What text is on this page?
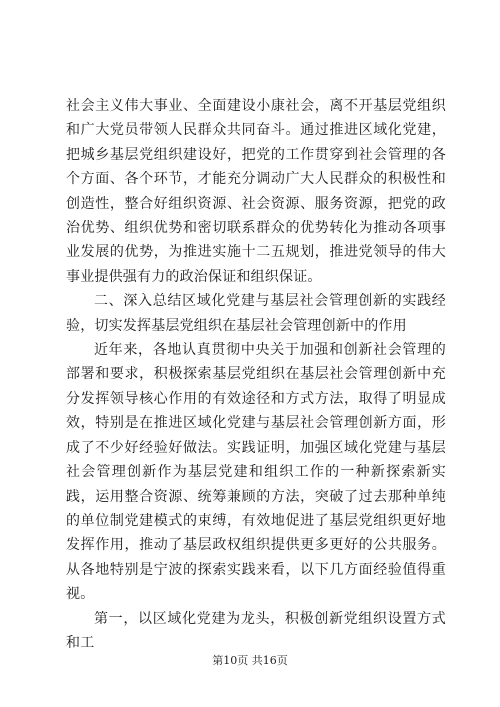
社会主义伟大事业、全面建设小康社会，离不开基层党组织和广大党员带领人民群众共同奋斗。通过推进区域化党建，把城乡基层党组织建设好，把党的工作贯穿到社会管理的各个方面、各个环节，才能充分调动广大人民群众的积极性和创造性，整合好组织资源、社会资源、服务资源，把党的政治优势、组织优势和密切联系群众的优势转化为推动各项事业发展的优势，为推进实施十二五规划，推进党领导的伟大事业提供强有力的政治保证和组织保证。

二、深入总结区域化党建与基层社会管理创新的实践经验，切实发挥基层党组织在基层社会管理创新中的作用

近年来，各地认真贯彻中央关于加强和创新社会管理的部署和要求，积极探索基层党组织在基层社会管理创新中充分发挥领导核心作用的有效途径和方式方法，取得了明显成效，特别是在推进区域化党建与基层社会管理创新方面，形成了不少好经验好做法。实践证明，加强区域化党建与基层社会管理创新作为基层党建和组织工作的一种新探索新实践，运用整合资源、统筹兼顾的方法，突破了过去那种单纯的单位制党建模式的束缚，有效地促进了基层党组织更好地发挥作用，推动了基层政权组织提供更多更好的公共服务。从各地特别是宁波的探索实践来看，以下几方面经验值得重视。

第一，以区域化党建为龙头，积极创新党组织设置方式和工

第10页 共16页
